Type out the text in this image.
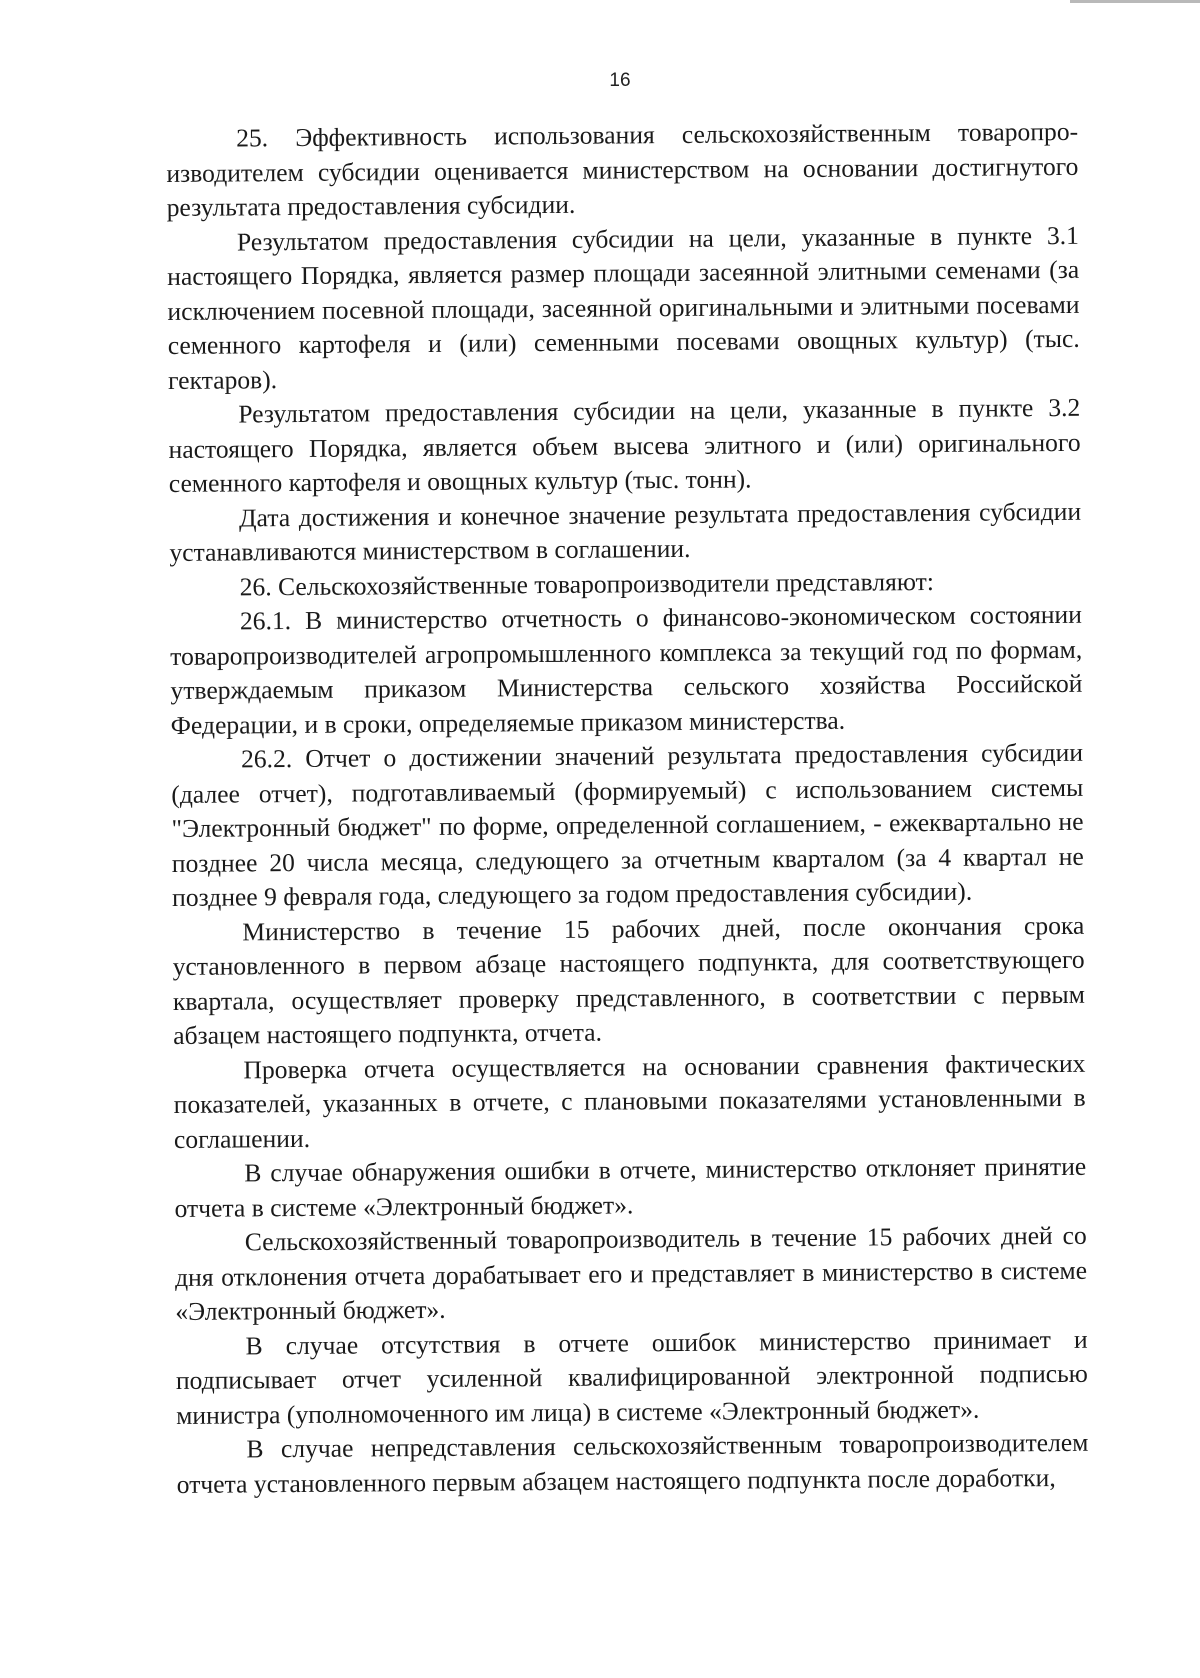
16

25. Эффективность использования сельскохозяйственным товаропро-изводителем субсидии оценивается министерством на основании достигнутого результата предоставления субсидии.

Результатом предоставления субсидии на цели, указанные в пункте 3.1 настоящего Порядка, является размер площади засеянной элитными семенами (за исключением посевной площади, засеянной оригинальными и элитными посевами семенного картофеля и (или) семенными посевами овощных культур) (тыс. гектаров).

Результатом предоставления субсидии на цели, указанные в пункте 3.2 настоящего Порядка, является объем высева элитного и (или) оригинального семенного картофеля и овощных культур (тыс. тонн).

Дата достижения и конечное значение результата предоставления субсидии устанавливаются министерством в соглашении.

26. Сельскохозяйственные товаропроизводители представляют:

26.1. В министерство отчетность о финансово-экономическом состоянии товаропроизводителей агропромышленного комплекса за текущий год по формам, утверждаемым приказом Министерства сельского хозяйства Российской Федерации, и в сроки, определяемые приказом министерства.

26.2. Отчет о достижении значений результата предоставления субсидии (далее отчет), подготавливаемый (формируемый) с использованием системы "Электронный бюджет" по форме, определенной соглашением, - ежеквартально не позднее 20 числа месяца, следующего за отчетным кварталом (за 4 квартал не позднее 9 февраля года, следующего за годом предоставления субсидии).

Министерство в течение 15 рабочих дней, после окончания срока установленного в первом абзаце настоящего подпункта, для соответствующего квартала, осуществляет проверку представленного, в соответствии с первым абзацем настоящего подпункта, отчета.

Проверка отчета осуществляется на основании сравнения фактических показателей, указанных в отчете, с плановыми показателями установленными в соглашении.

В случае обнаружения ошибки в отчете, министерство отклоняет принятие отчета в системе «Электронный бюджет».

Сельскохозяйственный товаропроизводитель в течение 15 рабочих дней со дня отклонения отчета дорабатывает его и представляет в министерство в системе «Электронный бюджет».

В случае отсутствия в отчете ошибок министерство принимает и подписывает отчет усиленной квалифицированной электронной подписью министра (уполномоченного им лица) в системе «Электронный бюджет».

В случае непредставления сельскохозяйственным товаропроизводителем отчета установленного первым абзацем настоящего подпункта после доработки,
